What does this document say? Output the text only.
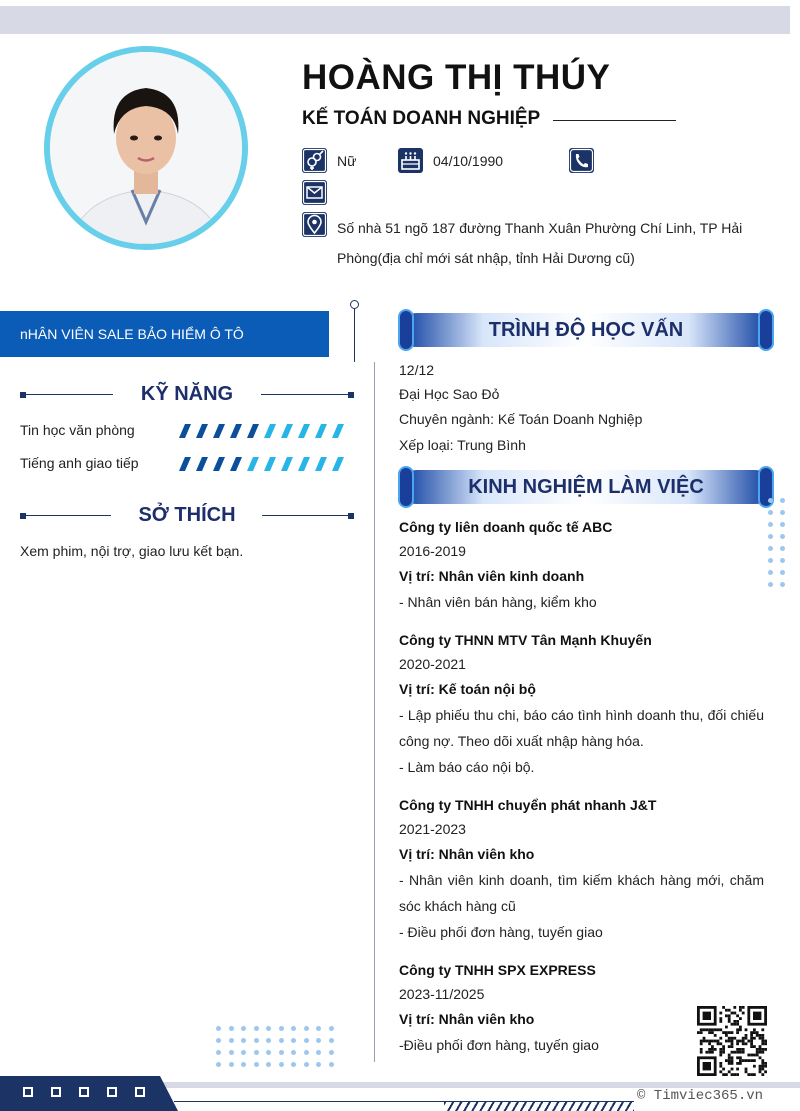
HOÀNG THỊ THÚY
KẾ TOÁN DOANH NGHIỆP
Nữ	04/10/1990
Số nhà 51 ngõ 187 đường Thanh Xuân Phường Chí Linh, TP Hải Phòng(địa chỉ mới sát nhập, tỉnh Hải Dương cũ)
nHÂN VIÊN SALE BẢO HIỂM Ô TÔ
KỸ NĂNG
Tin học văn phòng
Tiếng anh giao tiếp
SỞ THÍCH
Xem phim, nội trợ, giao lưu kết bạn.
TRÌNH ĐỘ HỌC VẤN
12/12
Đại Học Sao Đỏ
Chuyên ngành: Kế Toán Doanh Nghiệp
Xếp loại: Trung Bình
KINH NGHIỆM LÀM VIỆC
Công ty liên doanh quốc tế ABC
2016-2019
Vị trí: Nhân viên kinh doanh
- Nhân viên bán hàng, kiểm kho
Công ty THNN MTV Tân Mạnh Khuyến
2020-2021
Vị trí: Kế toán nội bộ
- Lập phiếu thu chi, báo cáo tình hình doanh thu, đối chiếu công nợ. Theo dõi xuất nhập hàng hóa.
- Làm báo cáo nội bộ.
Công ty TNHH chuyển phát nhanh J&T
2021-2023
Vị trí: Nhân viên kho
- Nhân viên kinh doanh, tìm kiếm khách hàng mới, chăm sóc khách hàng cũ
- Điều phối đơn hàng, tuyến giao
Công ty TNHH SPX EXPRESS
2023-11/2025
Vị trí: Nhân viên kho
-Điều phối đơn hàng, tuyến giao
© Timviec365.vn
